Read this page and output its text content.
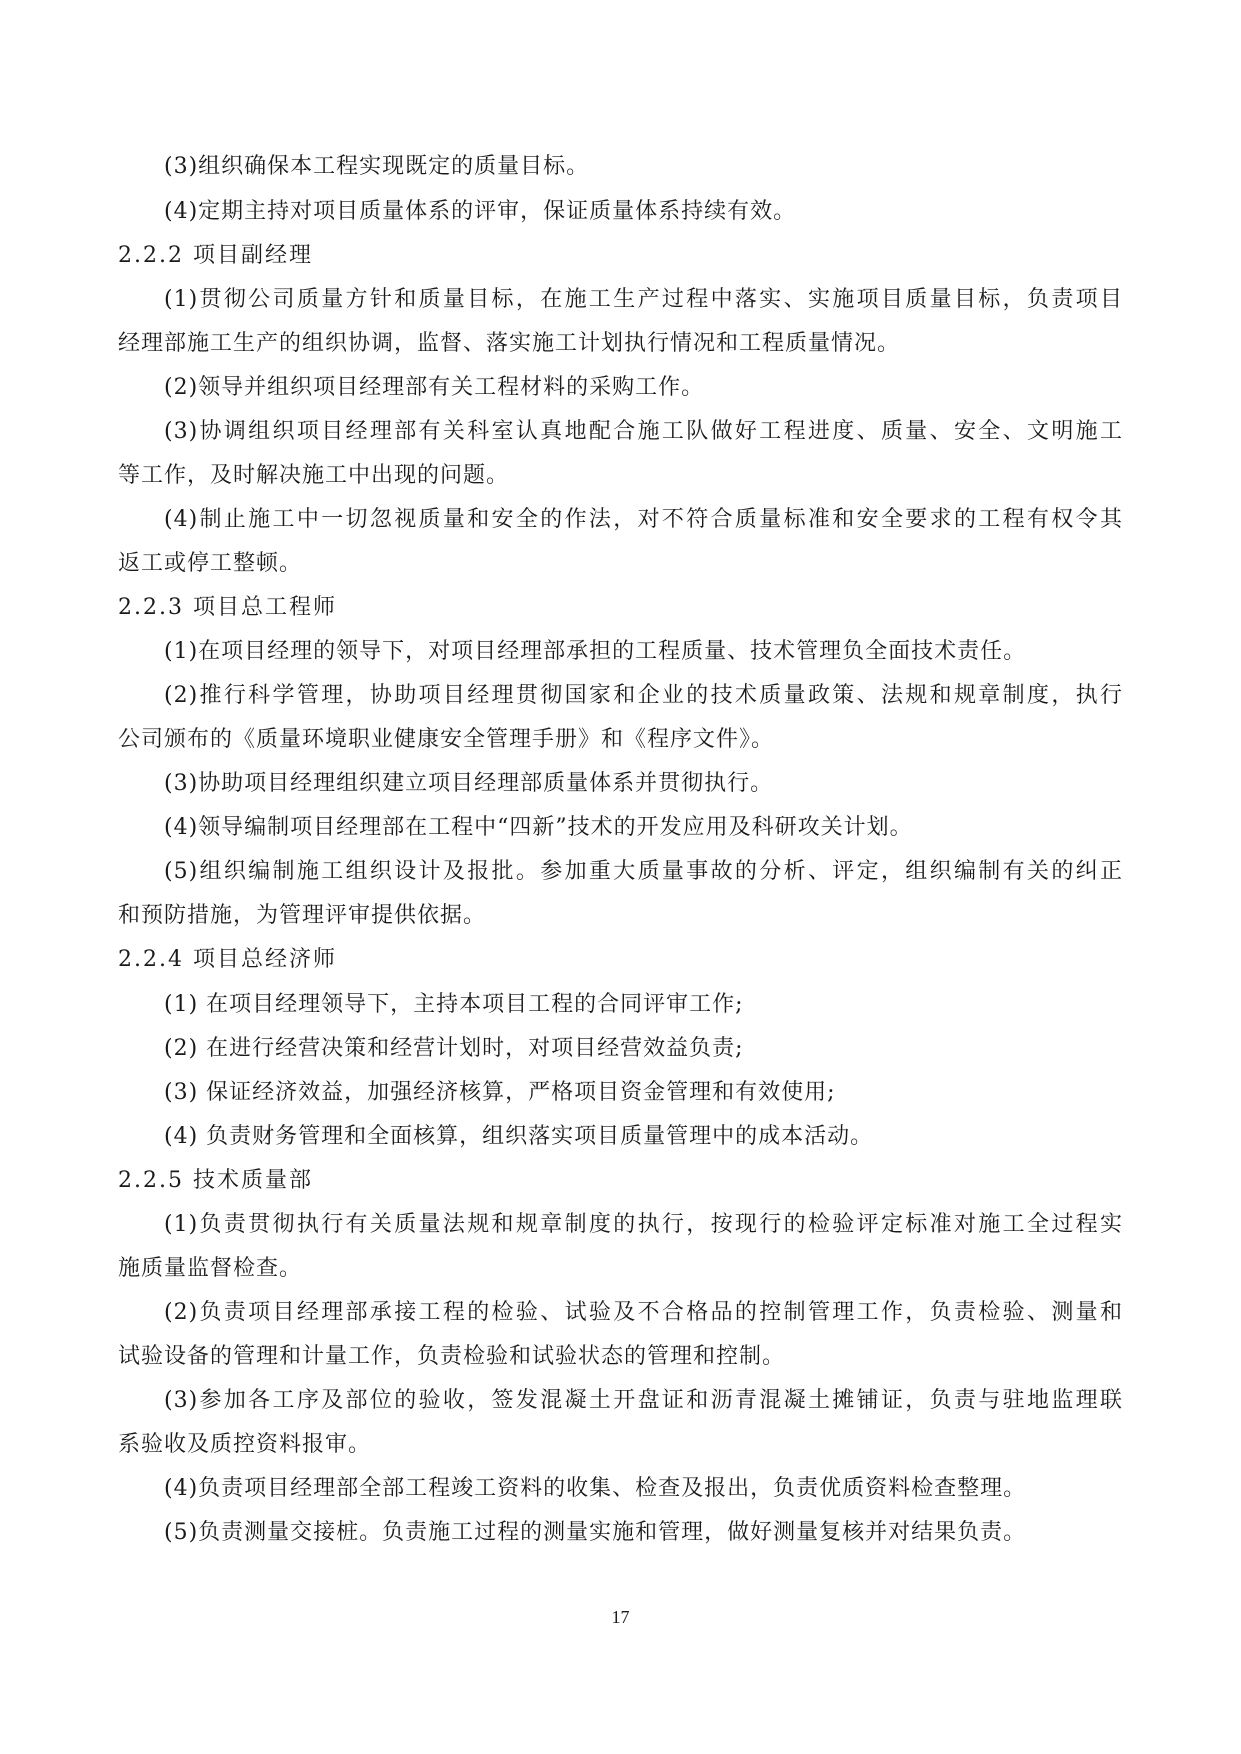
(3)组织确保本工程实现既定的质量目标。
(4)定期主持对项目质量体系的评审，保证质量体系持续有效。
2.2.2 项目副经理
(1)贯彻公司质量方针和质量目标，在施工生产过程中落实、实施项目质量目标，负责项目
经理部施工生产的组织协调，监督、落实施工计划执行情况和工程质量情况。
(2)领导并组织项目经理部有关工程材料的采购工作。
(3)协调组织项目经理部有关科室认真地配合施工队做好工程进度、质量、安全、文明施工
等工作，及时解决施工中出现的问题。
(4)制止施工中一切忽视质量和安全的作法，对不符合质量标准和安全要求的工程有权令其
返工或停工整顿。
2.2.3 项目总工程师
(1)在项目经理的领导下，对项目经理部承担的工程质量、技术管理负全面技术责任。
(2)推行科学管理，协助项目经理贯彻国家和企业的技术质量政策、法规和规章制度，执行
公司颁布的《质量环境职业健康安全管理手册》和《程序文件》。
(3)协助项目经理组织建立项目经理部质量体系并贯彻执行。
(4)领导编制项目经理部在工程中“四新”技术的开发应用及科研攻关计划。
(5)组织编制施工组织设计及报批。参加重大质量事故的分析、评定，组织编制有关的纠正
和预防措施，为管理评审提供依据。
2.2.4 项目总经济师
(1) 在项目经理领导下，主持本项目工程的合同评审工作;
(2) 在进行经营决策和经营计划时，对项目经营效益负责;
(3) 保证经济效益，加强经济核算，严格项目资金管理和有效使用;
(4) 负责财务管理和全面核算，组织落实项目质量管理中的成本活动。
2.2.5 技术质量部
(1)负责贯彻执行有关质量法规和规章制度的执行，按现行的检验评定标准对施工全过程实
施质量监督检查。
(2)负责项目经理部承接工程的检验、试验及不合格品的控制管理工作，负责检验、测量和
试验设备的管理和计量工作，负责检验和试验状态的管理和控制。
(3)参加各工序及部位的验收，签发混凝土开盘证和沥青混凝土摊铺证，负责与驻地监理联
系验收及质控资料报审。
(4)负责项目经理部全部工程竣工资料的收集、检查及报出，负责优质资料检查整理。
(5)负责测量交接桩。负责施工过程的测量实施和管理，做好测量复核并对结果负责。
17
